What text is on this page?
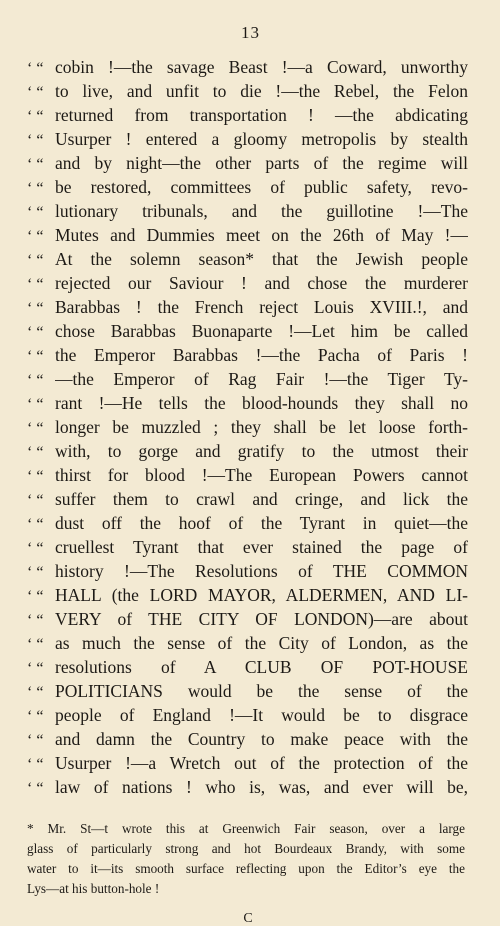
13
‘ “ cobin !—the savage Beast !—a Coward, unworthy
‘ “ to live, and unfit to die !—the Rebel, the Felon
‘ “ returned from transportation ! —the abdicating
‘ “ Usurper ! entered a gloomy metropolis by stealth
‘ “ and by night—the other parts of the regime will
‘ “ be restored, committees of public safety, revo-
‘ “ lutionary tribunals, and the guillotine !—The
‘ “ Mutes and Dummies meet on the 26th of May !—
‘ “ At the solemn season* that the Jewish people
‘ “ rejected our Saviour ! and chose the murderer
‘ “ Barabbas ! the French reject Louis XVIII.!, and
‘ “ chose Barabbas Buonaparte !—Let him be called
‘ “ the Emperor Barabbas !—the Pacha of Paris !
‘ “ —the Emperor of Rag Fair !—the Tiger Ty-
‘ “ rant !—He tells the blood-hounds they shall no
‘ “ longer be muzzled ; they shall be let loose forth-
‘ “ with, to gorge and gratify to the utmost their
‘ “ thirst for blood !—The European Powers cannot
‘ “ suffer them to crawl and cringe, and lick the
‘ “ dust off the hoof of the Tyrant in quiet—the
‘ “ cruellest Tyrant that ever stained the page of
‘ “ history !—The Resolutions of THE COMMON
‘ “ HALL (the LORD MAYOR, ALDERMEN, AND LI-
‘ “ VERY of THE CITY OF LONDON)—are about
‘ “ as much the sense of the City of London, as the
‘ “ resolutions of A CLUB OF POT-HOUSE
‘ “ POLITICIANS would be the sense of the
‘ “ people of England !—It would be to disgrace
‘ “ and damn the Country to make peace with the
‘ “ Usurper !—a Wretch out of the protection of the
‘ “ law of nations ! who is, was, and ever will be,
* Mr. St—t wrote this at Greenwich Fair season, over a large
glass of particularly strong and hot Bourdeaux Brandy, with some
water to it—its smooth surface reflecting upon the Editor’s eye the
Lys—at his button-hole !
C
